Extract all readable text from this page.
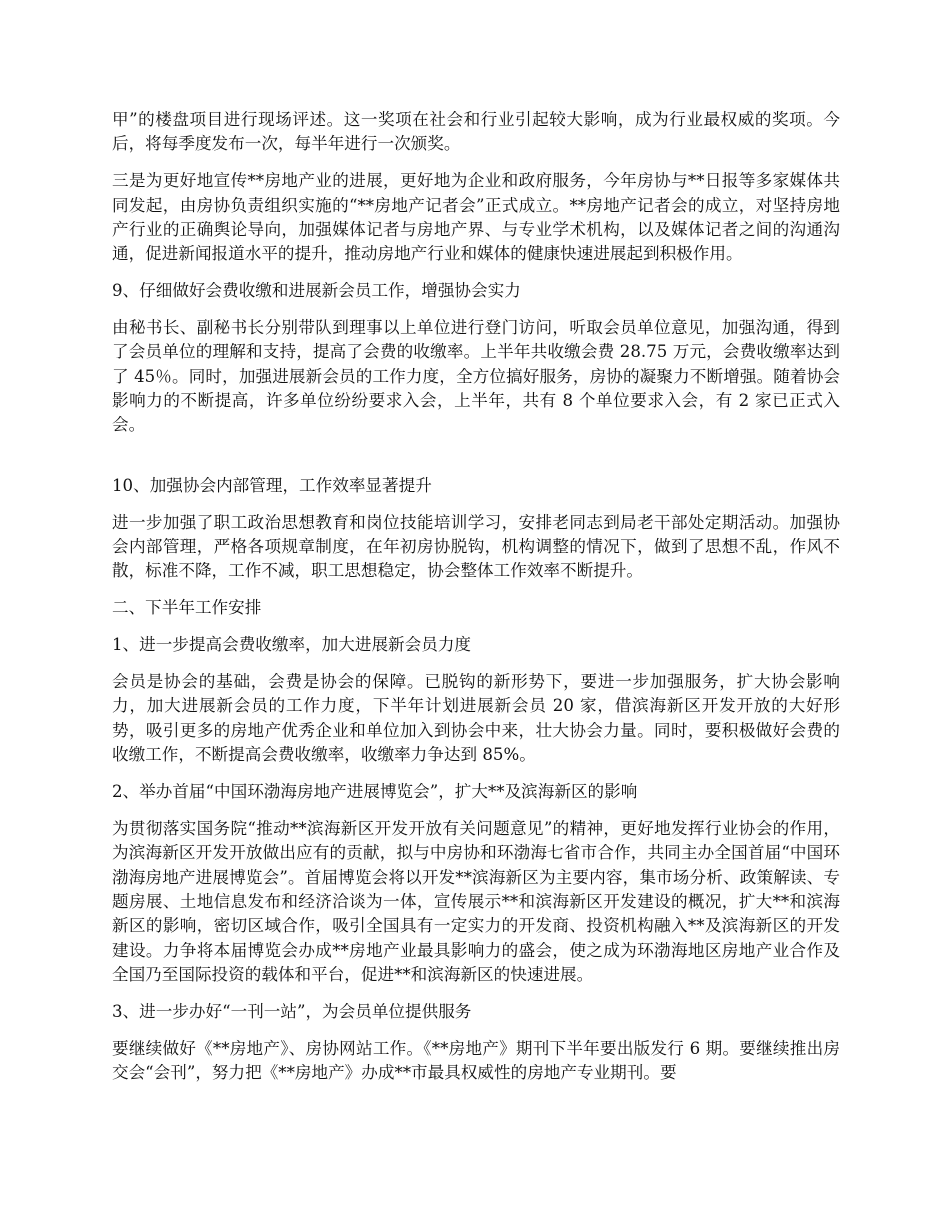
甲”的楼盘项目进行现场评述。这一奖项在社会和行业引起较大影响，成为行业最权威的奖项。今后，将每季度发布一次，每半年进行一次颁奖。

三是为更好地宣传**房地产业的进展，更好地为企业和政府服务，今年房协与**日报等多家媒体共同发起，由房协负责组织实施的“**房地产记者会”正式成立。**房地产记者会的成立，对坚持房地产行业的正确舆论导向，加强媒体记者与房地产界、与专业学术机构，以及媒体记者之间的沟通沟通，促进新闻报道水平的提升，推动房地产行业和媒体的健康快速进展起到积极作用。

9、仔细做好会费收缴和进展新会员工作，增强协会实力

由秘书长、副秘书长分别带队到理事以上单位进行登门访问，听取会员单位意见，加强沟通，得到了会员单位的理解和支持，提高了会费的收缴率。上半年共收缴会费 28.75 万元，会费收缴率达到了 45％。同时，加强进展新会员的工作力度，全方位搞好服务，房协的凝聚力不断增强。随着协会影响力的不断提高，许多单位纷纷要求入会，上半年，共有 8 个单位要求入会，有 2 家已正式入会。

10、加强协会内部管理，工作效率显著提升

进一步加强了职工政治思想教育和岗位技能培训学习，安排老同志到局老干部处定期活动。加强协会内部管理，严格各项规章制度，在年初房协脱钩，机构调整的情况下，做到了思想不乱，作风不散，标准不降，工作不减，职工思想稳定，协会整体工作效率不断提升。

二、下半年工作安排

1、进一步提高会费收缴率，加大进展新会员力度

会员是协会的基础，会费是协会的保障。已脱钩的新形势下，要进一步加强服务，扩大协会影响力，加大进展新会员的工作力度，下半年计划进展新会员 20 家，借滨海新区开发开放的大好形势，吸引更多的房地产优秀企业和单位加入到协会中来，壮大协会力量。同时，要积极做好会费的收缴工作，不断提高会费收缴率，收缴率力争达到 85%。

2、举办首届“中国环渤海房地产进展博览会”，扩大**及滨海新区的影响

为贯彻落实国务院“推动**滨海新区开发开放有关问题意见”的精神，更好地发挥行业协会的作用，为滨海新区开发开放做出应有的贡献，拟与中房协和环渤海七省市合作，共同主办全国首届“中国环渤海房地产进展博览会”。首届博览会将以开发**滨海新区为主要内容，集市场分析、政策解读、专题房展、土地信息发布和经济洽谈为一体，宣传展示**和滨海新区开发建设的概况，扩大**和滨海新区的影响，密切区域合作，吸引全国具有一定实力的开发商、投资机构融入**及滨海新区的开发建设。力争将本届博览会办成**房地产业最具影响力的盛会，使之成为环渤海地区房地产业合作及全国乃至国际投资的载体和平台，促进**和滨海新区的快速进展。

3、进一步办好“一刊一站”，为会员单位提供服务

要继续做好《**房地产》、房协网站工作。《**房地产》期刊下半年要出版发行 6 期。要继续推出房交会“会刊”，努力把《**房地产》办成**市最具权威性的房地产专业期刊。要
